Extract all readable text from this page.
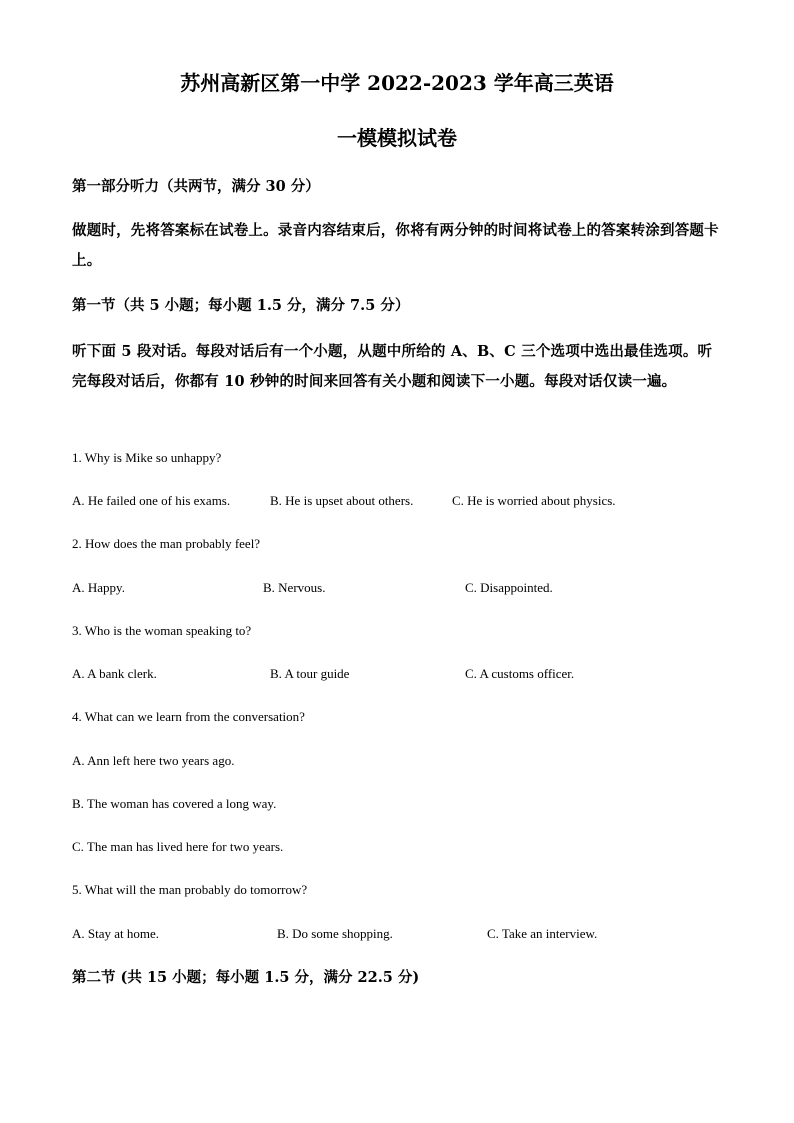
苏州高新区第一中学 2022-2023 学年高三英语
一模模拟试卷
第一部分听力（共两节，满分 30 分）
做题时，先将答案标在试卷上。录音内容结束后，你将有两分钟的时间将试卷上的答案转涂到答题卡上。
第一节（共 5 小题；每小题 1.5 分，满分 7.5 分）
听下面 5 段对话。每段对话后有一个小题，从题中所给的 A、B、C 三个选项中选出最佳选项。听完每段对话后，你都有 10 秒钟的时间来回答有关小题和阅读下一小题。每段对话仅读一遍。
1. Why is Mike so unhappy?
A. He failed one of his exams.	B. He is upset about others.	C. He is worried about physics.
2. How does the man probably feel?
A. Happy.	B. Nervous.	C. Disappointed.
3. Who is the woman speaking to?
A. A bank clerk.	B. A tour guide	C. A customs officer.
4. What can we learn from the conversation?
A. Ann left here two years ago.
B. The woman has covered a long way.
C. The man has lived here for two years.
5. What will the man probably do tomorrow?
A. Stay at home.	B. Do some shopping.	C. Take an interview.
第二节 (共 15 小题；每小题 1.5 分，满分 22.5 分)
